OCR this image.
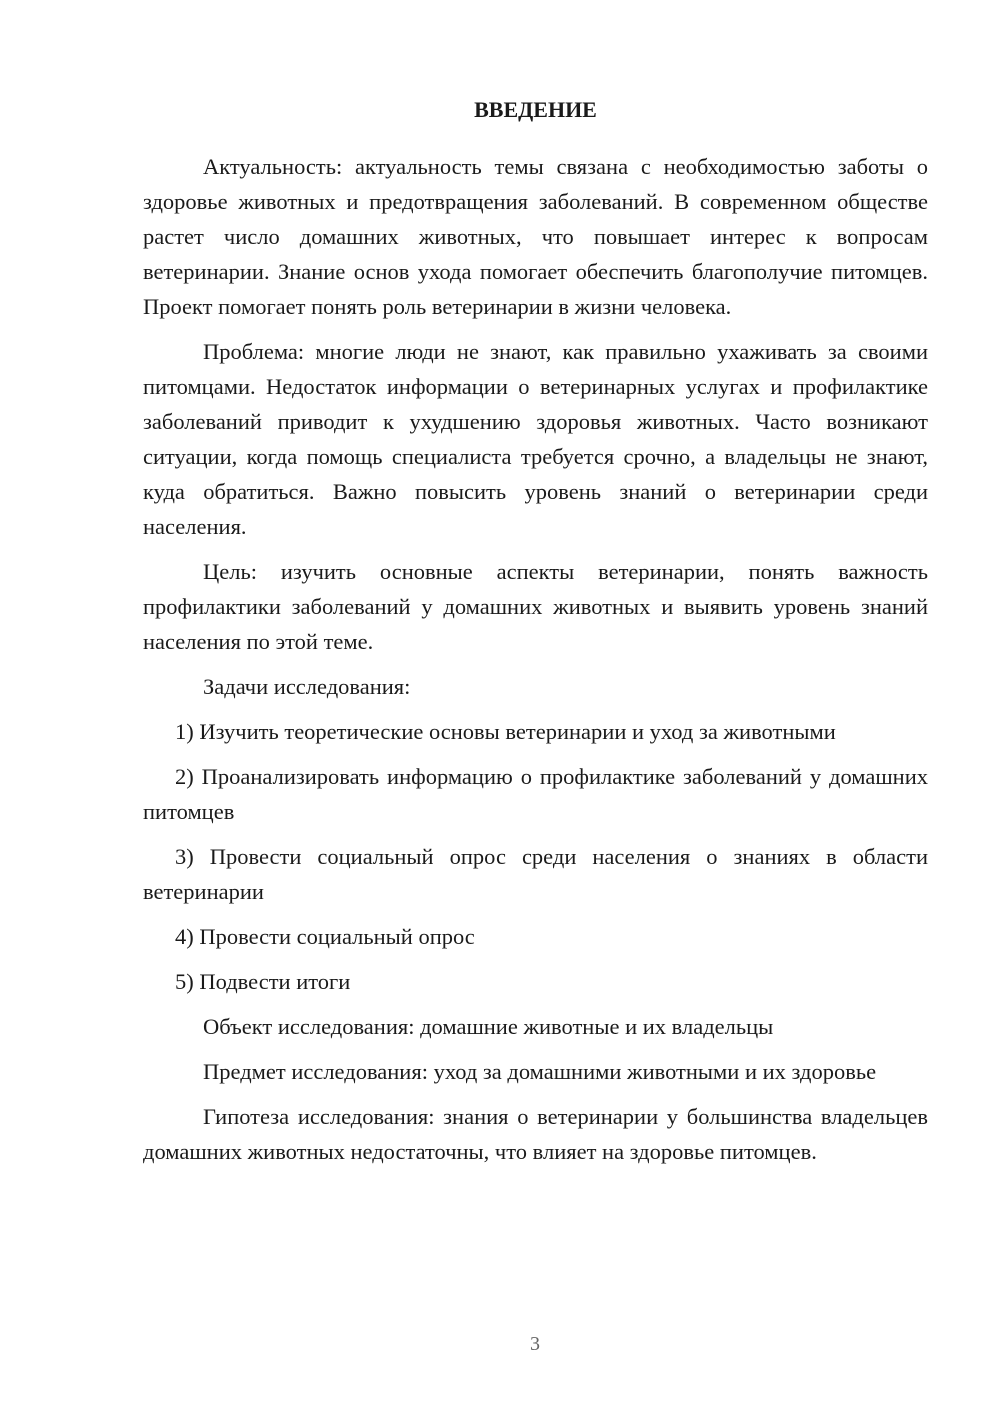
ВВЕДЕНИЕ

Актуальность: актуальность темы связана с необходимостью заботы о здоровье животных и предотвращения заболеваний. В современном обществе растет число домашних животных, что повышает интерес к вопросам ветеринарии. Знание основ ухода помогает обеспечить благополучие питомцев. Проект помогает понять роль ветеринарии в жизни человека.

Проблема: многие люди не знают, как правильно ухаживать за своими питомцами. Недостаток информации о ветеринарных услугах и профилактике заболеваний приводит к ухудшению здоровья животных. Часто возникают ситуации, когда помощь специалиста требуется срочно, а владельцы не знают, куда обратиться. Важно повысить уровень знаний о ветеринарии среди населения.

Цель: изучить основные аспекты ветеринарии, понять важность профилактики заболеваний у домашних животных и выявить уровень знаний населения по этой теме.

Задачи исследования:

1) Изучить теоретические основы ветеринарии и уход за животными

2) Проанализировать информацию о профилактике заболеваний у домашних питомцев

3) Провести социальный опрос среди населения о знаниях в области ветеринарии

4) Провести социальный опрос

5) Подвести итоги

Объект исследования: домашние животные и их владельцы

Предмет исследования: уход за домашними животными и их здоровье

Гипотеза исследования: знания о ветеринарии у большинства владельцев домашних животных недостаточны, что влияет на здоровье питомцев.

3
